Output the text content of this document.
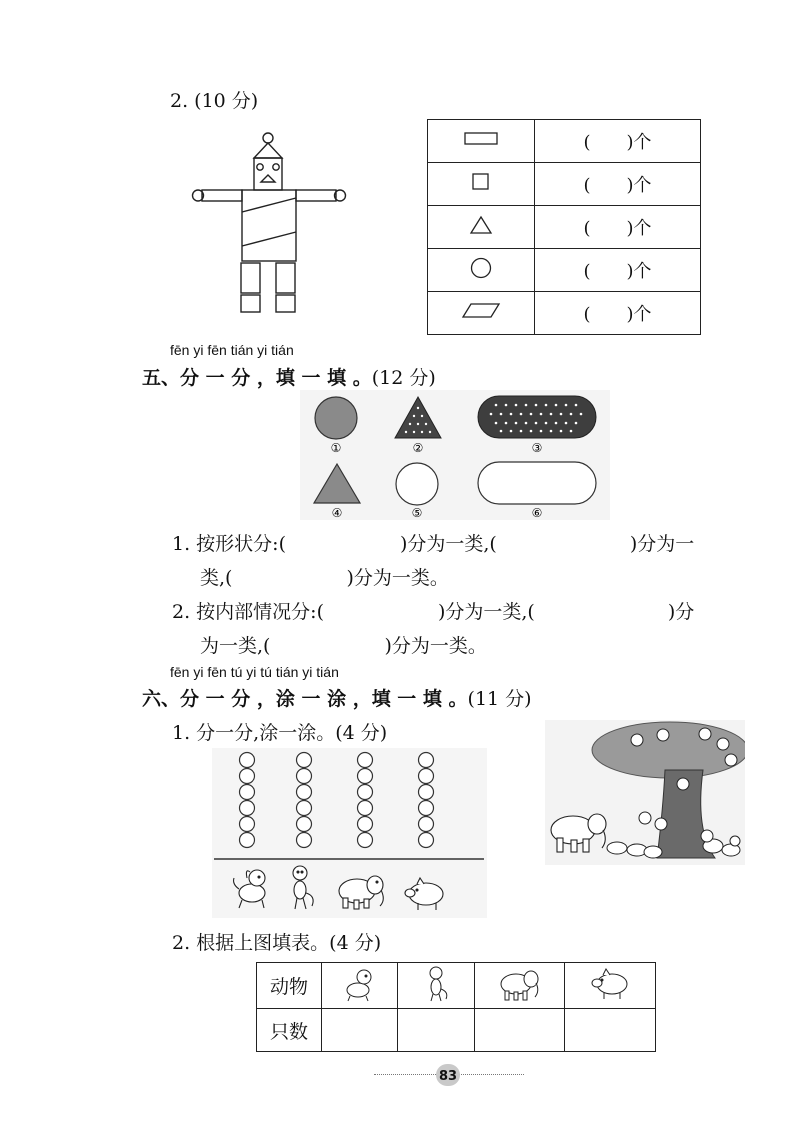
2. (10 分)
	(　　)个
	(　　)个
	(　　)个
	(　　)个
	(　　)个
fēn yi fēn tián yi tián
五、分 一 分 ，填 一 填 。(12 分)
①	②	③
④	⑤	⑥
1. 按形状分:(　　　　　　)分为一类,(　　　　　　　)分为一
类,(　　　　　　)分为一类。
2. 按内部情况分:(　　　　　　)分为一类,(　　　　　　　)分
为一类,(　　　　　　)分为一类。
fēn yi fēn tú yi tú tián yi tián
六、分 一 分 ，涂 一 涂 ，填 一 填 。(11 分)
1. 分一分,涂一涂。(4 分)
2. 根据上图填表。(4 分)
动物				
只数				
83
